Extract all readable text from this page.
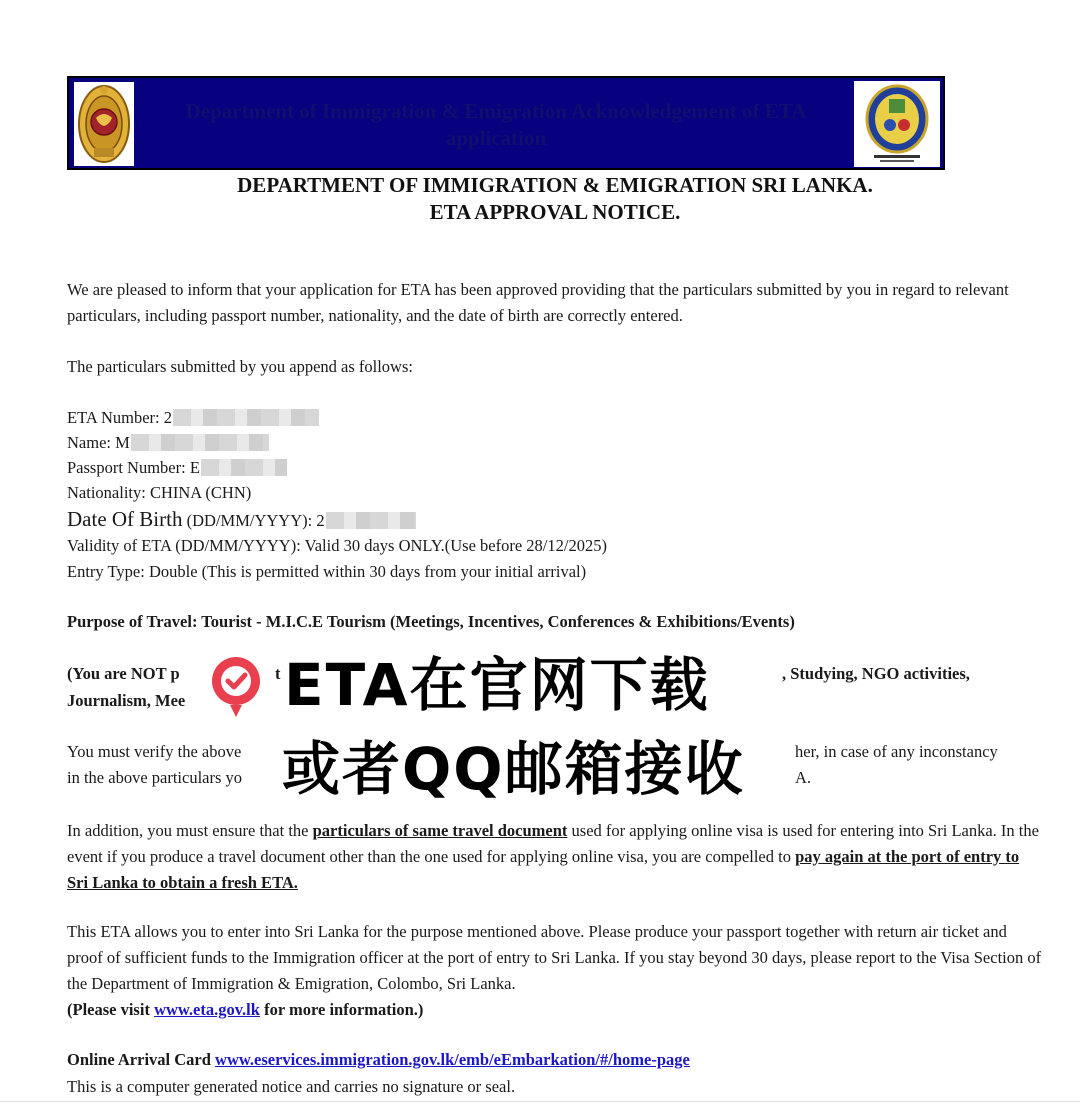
Department of Immigration & Emigration Acknowledgement of ETA application
DEPARTMENT OF IMMIGRATION & EMIGRATION SRI LANKA.
ETA APPROVAL NOTICE.
We are pleased to inform that your application for ETA has been approved providing that the particulars submitted by you in regard to relevant particulars, including passport number, nationality, and the date of birth are correctly entered.
The particulars submitted by you append as follows:
ETA Number: 2
Name: M
Passport Number: E
Nationality: CHINA (CHN)
Date Of Birth (DD/MM/YYYY): 2
Validity of ETA (DD/MM/YYYY): Valid 30 days ONLY.(Use before 28/12/2025)
Entry Type: Double (This is permitted within 30 days from your initial arrival)
Purpose of Travel: Tourist - M.I.C.E Tourism (Meetings, Incentives, Conferences & Exhibitions/Events)
(You are NOT p	t	, Studying, NGO activities,
Journalism, Mee
You must verify the above	her, in case of any inconstancy
in the above particulars yo	A.
In addition, you must ensure that the particulars of same travel document used for applying online visa is used for entering into Sri Lanka. In the event if you produce a travel document other than the one used for applying online visa, you are compelled to pay again at the port of entry to Sri Lanka to obtain a fresh ETA.
This ETA allows you to enter into Sri Lanka for the purpose mentioned above. Please produce your passport together with return air ticket and proof of sufficient funds to the Immigration officer at the port of entry to Sri Lanka. If you stay beyond 30 days, please report to the Visa Section of the Department of Immigration & Emigration, Colombo, Sri Lanka.
(Please visit www.eta.gov.lk for more information.)
Online Arrival Card www.eservices.immigration.gov.lk/emb/eEmbarkation/#/home-page
This is a computer generated notice and carries no signature or seal.
ETA在官网下载
或者QQ邮箱接收
